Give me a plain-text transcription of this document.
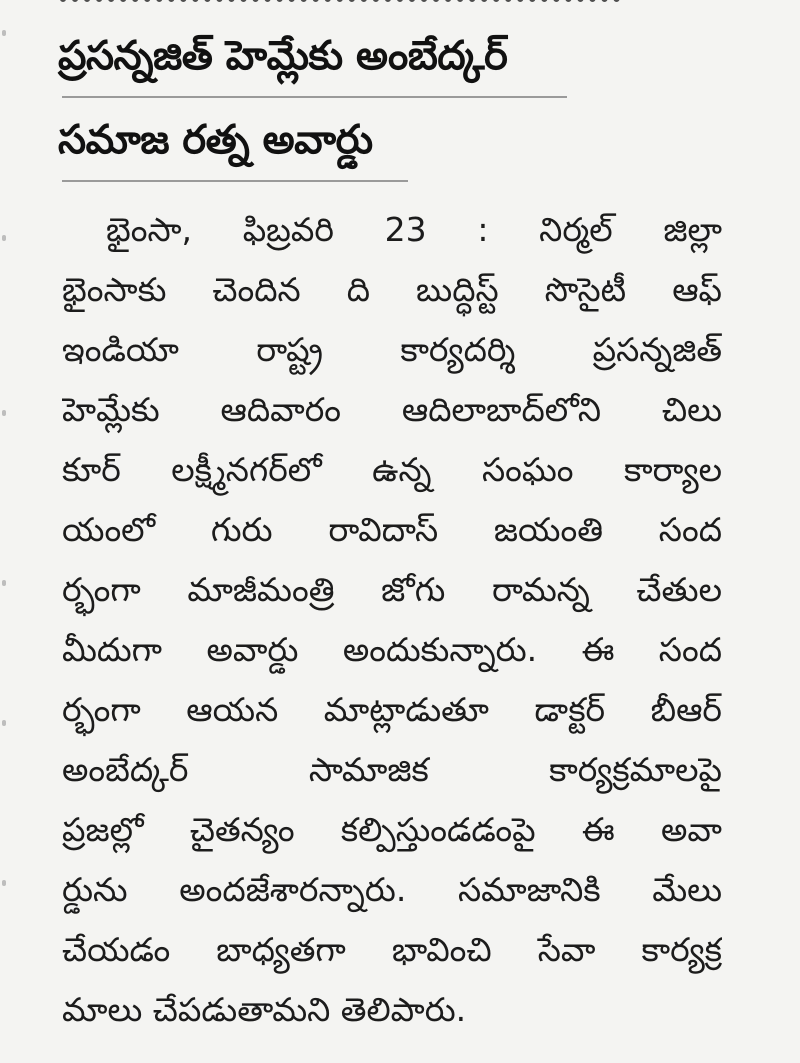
ప్రసన్నజిత్ హెమ్లేకు అంబేద్కర్
సమాజ రత్న అవార్డు
భైంసా, ఫిబ్రవరి 23 : నిర్మల్ జిల్లా
భైంసాకు చెందిన ది బుద్ధిస్ట్ సొసైటీ ఆఫ్
ఇండియా రాష్ట్ర కార్యదర్శి ప్రసన్నజిత్
హెమ్లేకు ఆదివారం ఆదిలాబాద్‌లోని చిలు
కూర్ లక్ష్మీనగర్‌లో ఉన్న సంఘం కార్యాల
యంలో గురు రావిదాస్ జయంతి సంద
ర్భంగా మాజీమంత్రి జోగు రామన్న చేతుల
మీదుగా అవార్డు అందుకున్నారు. ఈ సంద
ర్భంగా ఆయన మాట్లాడుతూ డాక్టర్ బీఆర్
అంబేద్కర్ సామాజిక కార్యక్రమాలపై
ప్రజల్లో చైతన్యం కల్పిస్తుండడంపై ఈ అవా
ర్డును అందజేశారన్నారు. సమాజానికి మేలు
చేయడం బాధ్యతగా భావించి సేవా కార్యక్ర
మాలు చేపడుతామని తెలిపారు.
